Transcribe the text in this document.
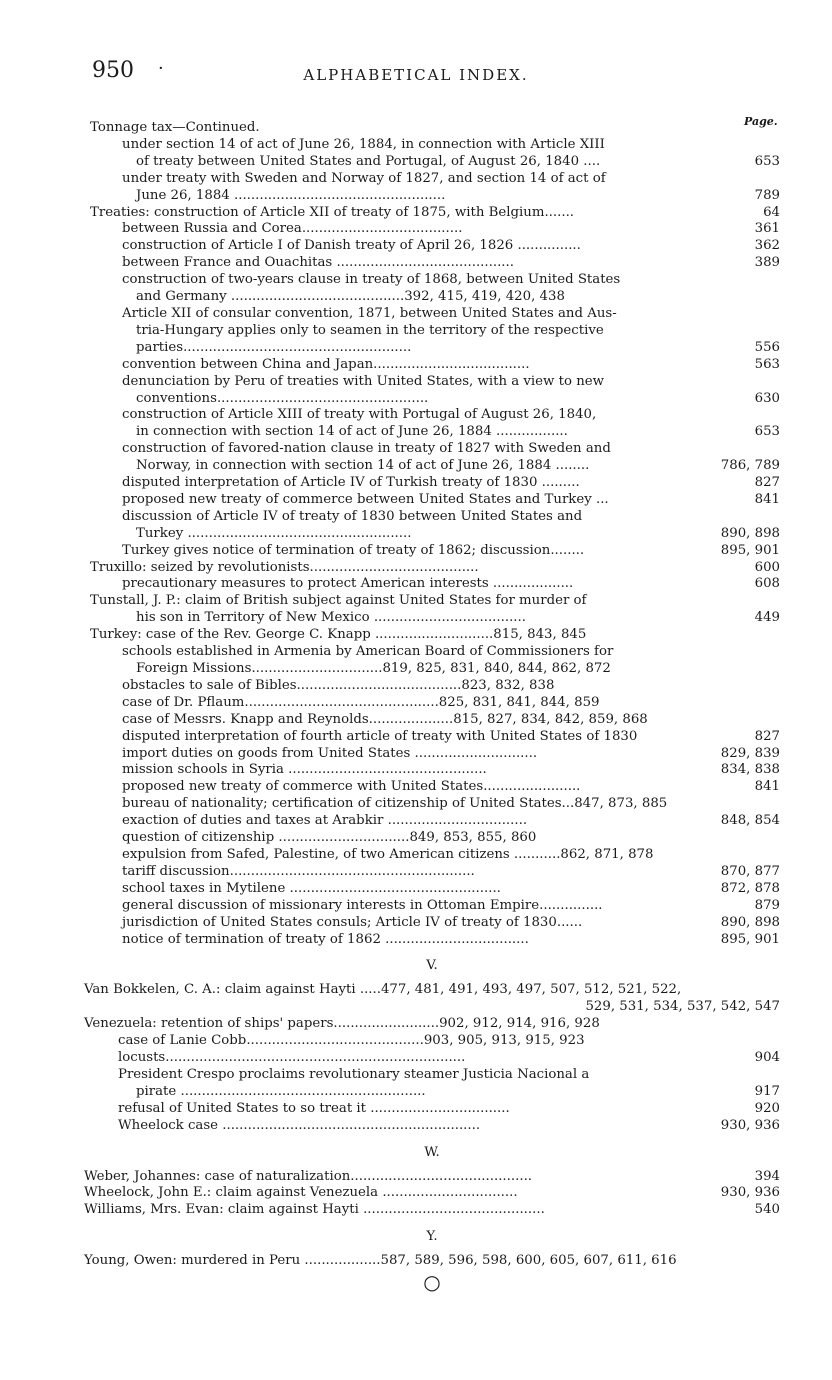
950 ·	ALPHABETICAL INDEX.
Page.
Tonnage tax—Continued.
under section 14 of act of June 26, 1884, in connection with Article XIII
of treaty between United States and Portugal, of August 26, 1840 ....	653
under treaty with Sweden and Norway of 1827, and section 14 of act of
June 26, 1884 ..................................................	789
Treaties: construction of Article XII of treaty of 1875, with Belgium.......	64
between Russia and Corea......................................	361
construction of Article I of Danish treaty of April 26, 1826 ...............	362
between France and Ouachitas ..........................................	389
construction of two-years clause in treaty of 1868, between United States
and Germany .........................................392, 415, 419, 420, 438
Article XII of consular convention, 1871, between United States and Aus-
tria-Hungary applies only to seamen in the territory of the respective
parties......................................................	556
convention between China and Japan.....................................	563
denunciation by Peru of treaties with United States, with a view to new
conventions..................................................	630
construction of Article XIII of treaty with Portugal of August 26, 1840,
in connection with section 14 of act of June 26, 1884 .................	653
construction of favored-nation clause in treaty of 1827 with Sweden and
Norway, in connection with section 14 of act of June 26, 1884 ........	786, 789
disputed interpretation of Article IV of Turkish treaty of 1830 .........	827
proposed new treaty of commerce between United States and Turkey ...	841
discussion of Article IV of treaty of 1830 between United States and
Turkey .....................................................	890, 898
Turkey gives notice of termination of treaty of 1862; discussion........	895, 901
Truxillo: seized by revolutionists........................................	600
precautionary measures to protect American interests ...................	608
Tunstall, J. P.: claim of British subject against United States for murder of
his son in Territory of New Mexico ....................................	449
Turkey: case of the Rev. George C. Knapp ............................815, 843, 845
schools established in Armenia by American Board of Commissioners for
Foreign Missions...............................819, 825, 831, 840, 844, 862, 872
obstacles to sale of Bibles.......................................823, 832, 838
case of Dr. Pflaum..............................................825, 831, 841, 844, 859
case of Messrs. Knapp and Reynolds....................815, 827, 834, 842, 859, 868
disputed interpretation of fourth article of treaty with United States of 1830	827
import duties on goods from United States .............................	829, 839
mission schools in Syria ...............................................	834, 838
proposed new treaty of commerce with United States.......................	841
bureau of nationality; certification of citizenship of United States...847, 873, 885
exaction of duties and taxes at Arabkir .................................	848, 854
question of citizenship ...............................849, 853, 855, 860
expulsion from Safed, Palestine, of two American citizens ...........862, 871, 878
tariff discussion..........................................................	870, 877
school taxes in Mytilene ..................................................	872, 878
general discussion of missionary interests in Ottoman Empire...............	879
jurisdiction of United States consuls; Article IV of treaty of 1830......	890, 898
notice of termination of treaty of 1862 ..................................	895, 901
V.
Van Bokkelen, C. A.: claim against Hayti .....477, 481, 491, 493, 497, 507, 512, 521, 522,
529, 531, 534, 537, 542, 547
Venezuela: retention of ships' papers.........................902, 912, 914, 916, 928
case of Lanie Cobb..........................................903, 905, 913, 915, 923
locusts.......................................................................	904
President Crespo proclaims revolutionary steamer Justicia Nacional a
pirate ..........................................................	917
refusal of United States to so treat it .................................	920
Wheelock case .............................................................	930, 936
W.
Weber, Johannes: case of naturalization...........................................	394
Wheelock, John E.: claim against Venezuela ................................	930, 936
Williams, Mrs. Evan: claim against Hayti ...........................................	540
Y.
Young, Owen: murdered in Peru ..................587, 589, 596, 598, 600, 605, 607, 611, 616
○
